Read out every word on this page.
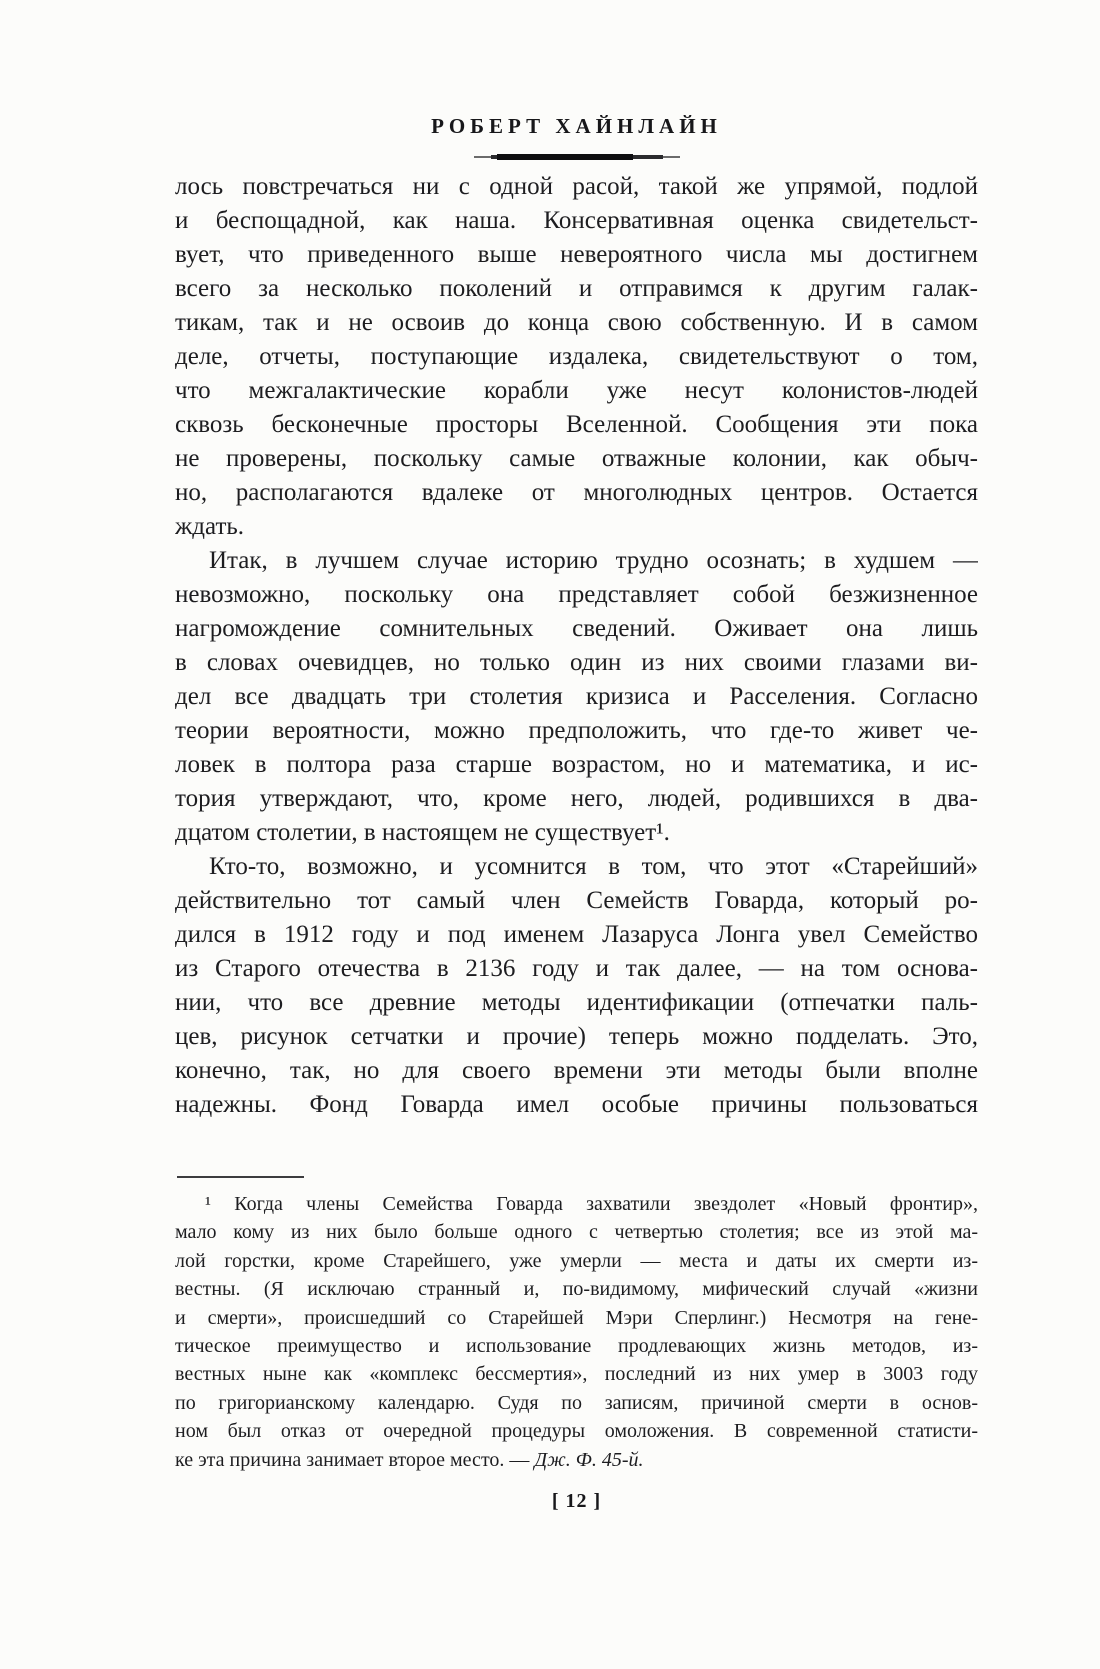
РОБЕРТ ХАЙНЛАЙН
лось повстречаться ни с одной расой, такой же упрямой, подлой
и беспощадной, как наша. Консервативная оценка свидетельст-
вует, что приведенного выше невероятного числа мы достигнем
всего за несколько поколений и отправимся к другим галак-
тикам, так и не освоив до конца свою собственную. И в самом
деле, отчеты, поступающие издалека, свидетельствуют о том,
что межгалактические корабли уже несут колонистов-людей
сквозь бесконечные просторы Вселенной. Сообщения эти пока
не проверены, поскольку самые отважные колонии, как обыч-
но, располагаются вдалеке от многолюдных центров. Остается
ждать.
Итак, в лучшем случае историю трудно осознать; в худшем —
невозможно, поскольку она представляет собой безжизненное
нагромождение сомнительных сведений. Оживает она лишь
в словах очевидцев, но только один из них своими глазами ви-
дел все двадцать три столетия кризиса и Расселения. Согласно
теории вероятности, можно предположить, что где-то живет че-
ловек в полтора раза старше возрастом, но и математика, и ис-
тория утверждают, что, кроме него, людей, родившихся в два-
дцатом столетии, в настоящем не существует¹.
Кто-то, возможно, и усомнится в том, что этот «Старейший»
действительно тот самый член Семейств Говарда, который ро-
дился в 1912 году и под именем Лазаруса Лонга увел Семейство
из Старого отечества в 2136 году и так далее, — на том основа-
нии, что все древние методы идентификации (отпечатки паль-
цев, рисунок сетчатки и прочие) теперь можно подделать. Это,
конечно, так, но для своего времени эти методы были вполне
надежны. Фонд Говарда имел особые причины пользоваться
¹ Когда члены Семейства Говарда захватили звездолет «Новый фронтир»,
мало кому из них было больше одного с четвертью столетия; все из этой ма-
лой горстки, кроме Старейшего, уже умерли — места и даты их смерти из-
вестны. (Я исключаю странный и, по-видимому, мифический случай «жизни
и смерти», происшедший со Старейшей Мэри Сперлинг.) Несмотря на гене-
тическое преимущество и использование продлевающих жизнь методов, из-
вестных ныне как «комплекс бессмертия», последний из них умер в 3003 году
по григорианскому календарю. Судя по записям, причиной смерти в основ-
ном был отказ от очередной процедуры омоложения. В современной статисти-
ке эта причина занимает второе место. — Дж. Ф. 45-й.
[ 12 ]
